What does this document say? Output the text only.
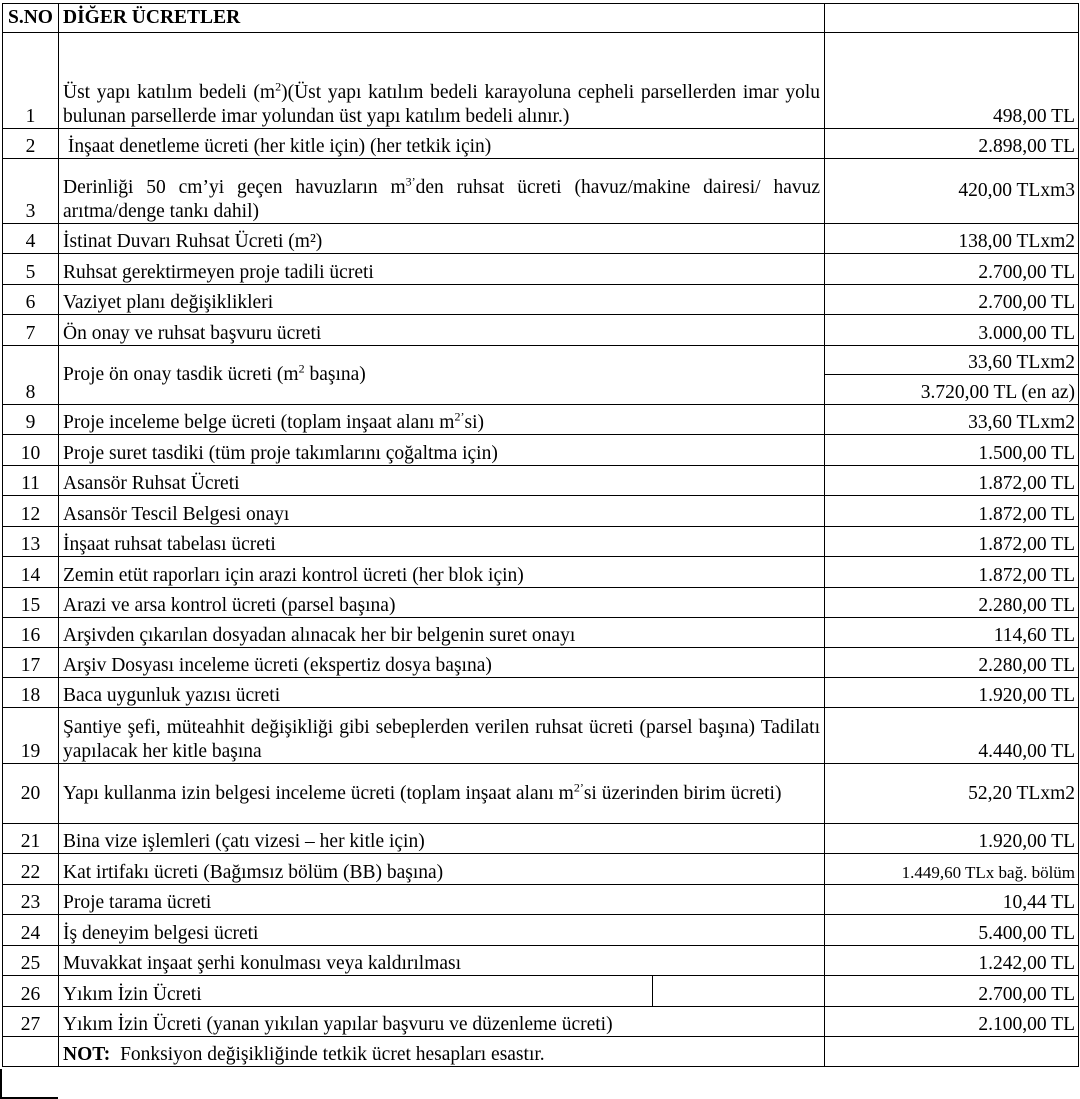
S.NO	DİĞER ÜCRETLER		
1	Üst yapı katılım bedeli $(m^2)(Üst$ yapı katılım bedeli karayoluna cepheli parsellerden imar yolu bulunan parsellerde imar yolundan üst yapı katılım bedeli alınır.)		498,00 TL
2	İnşaat denetleme ücreti (her kitle için) (her tetkik için)		2.898,00 TL
3	Derinliği 50 cm’yi geçen havuzların $m^{3’}den$ ruhsat ücreti (havuz/makine dairesi/ havuz arıtma/denge tankı dahil)		420,00 TLxm3
4	İstinat Duvarı Ruhsat Ücreti (m²)		138,00 TLxm2
5	Ruhsat gerektirmeyen proje tadili ücreti		2.700,00 TL
6	Vaziyet planı değişiklikleri		2.700,00 TL
7	Ön onay ve ruhsat başvuru ücreti		3.000,00 TL
8	Proje ön onay tasdik ücreti ($m^2$ başına)		33,60 TLxm2
			3.720,00 TL (en az)
9	Proje inceleme belge ücreti (toplam inşaat alanı $m^{2’}si$)		33,60 TLxm2
10	Proje suret tasdiki (tüm proje takımlarını çoğaltma için)		1.500,00 TL
11	Asansör Ruhsat Ücreti		1.872,00 TL
12	Asansör Tescil Belgesi onayı		1.872,00 TL
13	İnşaat ruhsat tabelası ücreti		1.872,00 TL
14	Zemin etüt raporları için arazi kontrol ücreti (her blok için)		1.872,00 TL
15	Arazi ve arsa kontrol ücreti (parsel başına)		2.280,00 TL
16	Arşivden çıkarılan dosyadan alınacak her bir belgenin suret onayı		114,60 TL
17	Arşiv Dosyası inceleme ücreti (ekspertiz dosya başına)		2.280,00 TL
18	Baca uygunluk yazısı ücreti		1.920,00 TL
19	Şantiye şefi, müteahhit değişikliği gibi sebeplerden verilen ruhsat ücreti (parsel başına) Tadilatı yapılacak her kitle başına		4.440,00 TL
20	Yapı kullanma izin belgesi inceleme ücreti (toplam inşaat alanı $m^{2’}si$ üzerinden birim ücreti)		52,20 TLxm2
21	Bina vize işlemleri (çatı vizesi – her kitle için)		1.920,00 TL
22	Kat irtifakı ücreti (Bağımsız bölüm (BB) başına)		1.449,60 TLx bağ. bölüm
23	Proje tarama ücreti		10,44 TL
24	İş deneyim belgesi ücreti		5.400,00 TL
25	Muvakkat inşaat şerhi konulması veya kaldırılması		1.242,00 TL
26	Yıkım İzin Ücreti		2.700,00 TL
27	Yıkım İzin Ücreti (yanan yıkılan yapılar başvuru ve düzenleme ücreti)		2.100,00 TL
	NOT:  Fonksiyon değişikliğinde tetkik ücret hesapları esastır.		
